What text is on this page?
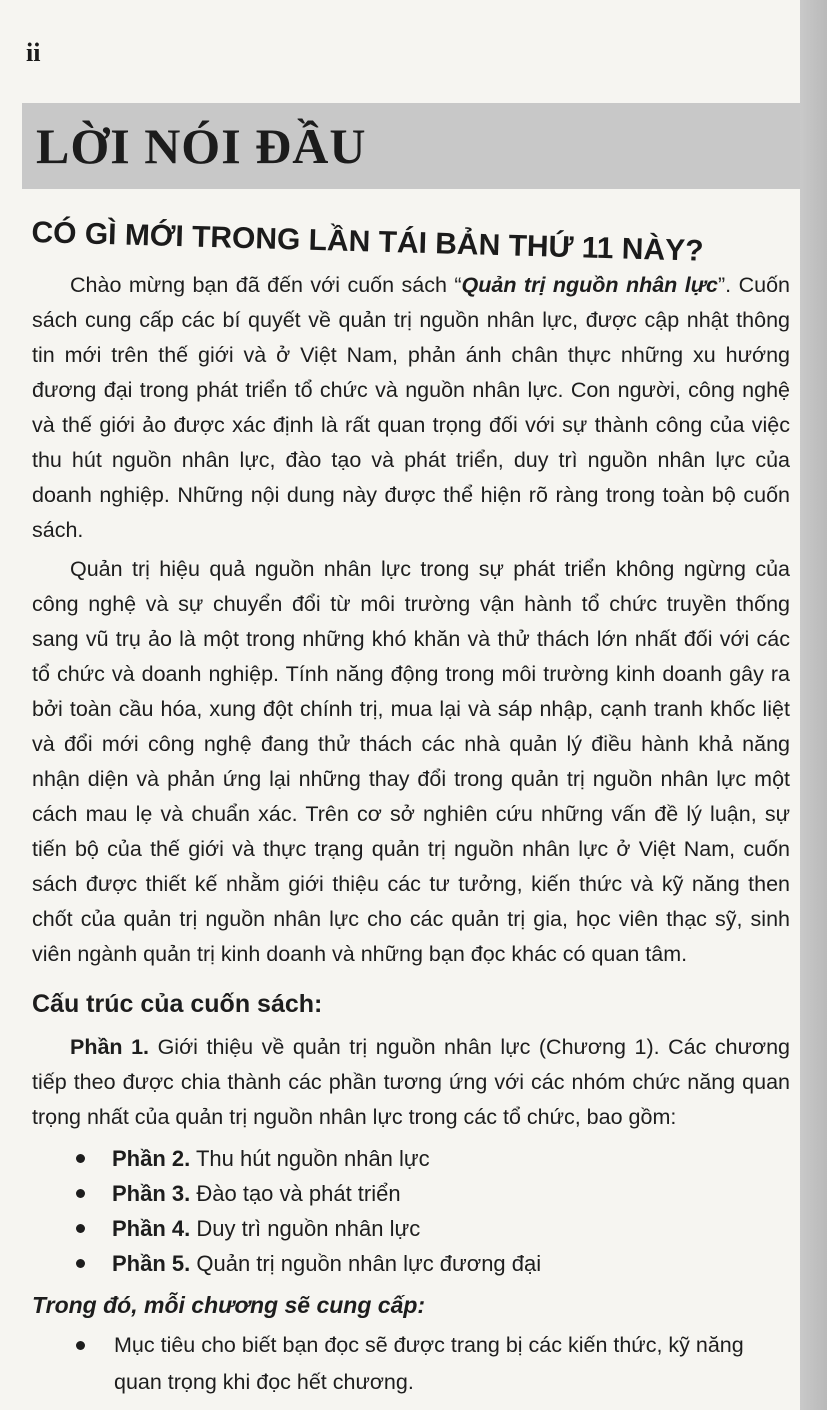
ii
LỜI NÓI ĐẦU
CÓ GÌ MỚI TRONG LẦN TÁI BẢN THỨ 11 NÀY?

Chào mừng bạn đã đến với cuốn sách “Quản trị nguồn nhân lực”. Cuốn sách cung cấp các bí quyết về quản trị nguồn nhân lực, được cập nhật thông tin mới trên thế giới và ở Việt Nam, phản ánh chân thực những xu hướng đương đại trong phát triển tổ chức và nguồn nhân lực. Con người, công nghệ và thế giới ảo được xác định là rất quan trọng đối với sự thành công của việc thu hút nguồn nhân lực, đào tạo và phát triển, duy trì nguồn nhân lực của doanh nghiệp. Những nội dung này được thể hiện rõ ràng trong toàn bộ cuốn sách.

Quản trị hiệu quả nguồn nhân lực trong sự phát triển không ngừng của công nghệ và sự chuyển đổi từ môi trường vận hành tổ chức truyền thống sang vũ trụ ảo là một trong những khó khăn và thử thách lớn nhất đối với các tổ chức và doanh nghiệp. Tính năng động trong môi trường kinh doanh gây ra bởi toàn cầu hóa, xung đột chính trị, mua lại và sáp nhập, cạnh tranh khốc liệt và đổi mới công nghệ đang thử thách các nhà quản lý điều hành khả năng nhận diện và phản ứng lại những thay đổi trong quản trị nguồn nhân lực một cách mau lẹ và chuẩn xác. Trên cơ sở nghiên cứu những vấn đề lý luận, sự tiến bộ của thế giới và thực trạng quản trị nguồn nhân lực ở Việt Nam, cuốn sách được thiết kế nhằm giới thiệu các tư tưởng, kiến thức và kỹ năng then chốt của quản trị nguồn nhân lực cho các quản trị gia, học viên thạc sỹ, sinh viên ngành quản trị kinh doanh và những bạn đọc khác có quan tâm.

Cấu trúc của cuốn sách:

Phần 1. Giới thiệu về quản trị nguồn nhân lực (Chương 1). Các chương tiếp theo được chia thành các phần tương ứng với các nhóm chức năng quan trọng nhất của quản trị nguồn nhân lực trong các tổ chức, bao gồm:

Phần 2. Thu hút nguồn nhân lực
Phần 3. Đào tạo và phát triển
Phần 4. Duy trì nguồn nhân lực
Phần 5. Quản trị nguồn nhân lực đương đại
Trong đó, mỗi chương sẽ cung cấp:
Mục tiêu cho biết bạn đọc sẽ được trang bị các kiến thức, kỹ năng quan trọng khi đọc hết chương.
